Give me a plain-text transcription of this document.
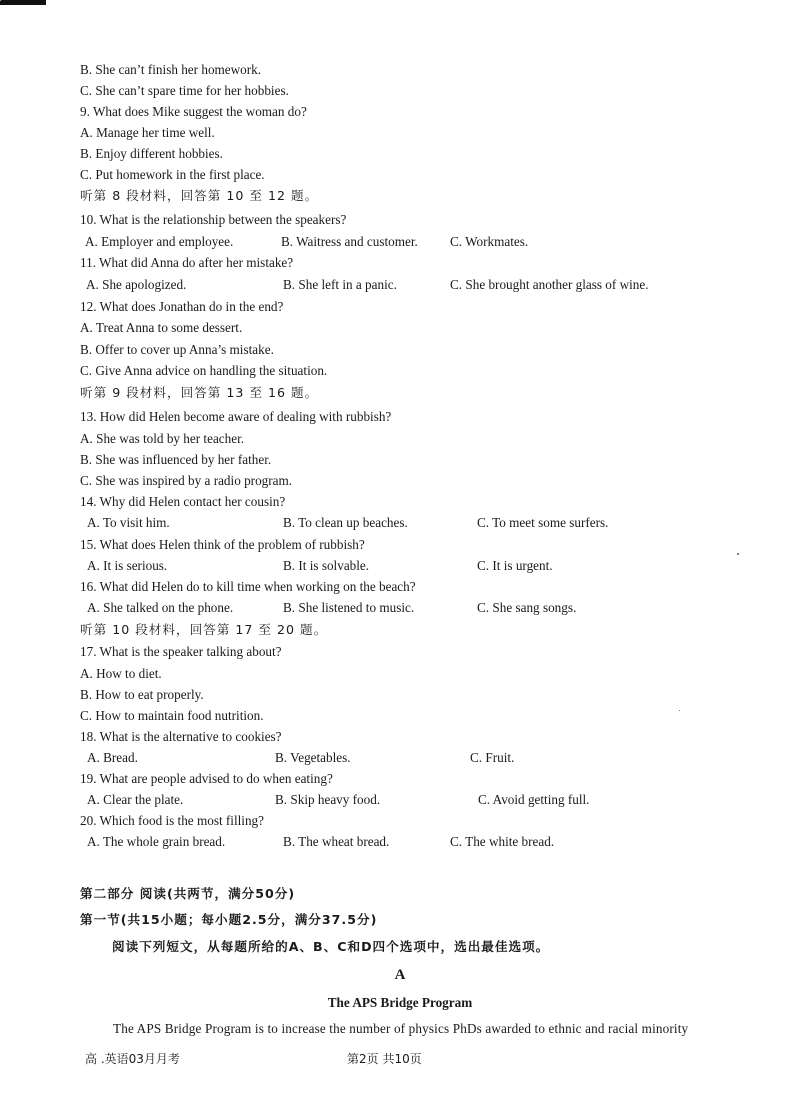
B. She can’t finish her homework.
C. She can’t spare time for her hobbies.
9. What does Mike suggest the woman do?
A. Manage her time well.
B. Enjoy different hobbies.
C. Put homework in the first place.
听第 8 段材料，回答第 10 至 12 题。
10. What is the relationship between the speakers?
A. Employer and employee.	B. Waitress and customer. C. Workmates.
11. What did Anna do after her mistake?
A. She apologized.	B. She left in a panic.	C. She brought another glass of wine.
12. What does Jonathan do in the end?
A. Treat Anna to some dessert.
B. Offer to cover up Anna’s mistake.
C. Give Anna advice on handling the situation.
听第 9 段材料，回答第 13 至 16 题。
13. How did Helen become aware of dealing with rubbish?
A. She was told by her teacher.
B. She was influenced by her father.
C. She was inspired by a radio program.
14. Why did Helen contact her cousin?
A. To visit him.	B. To clean up beaches.	C. To meet some surfers.
15. What does Helen think of the problem of rubbish?
A. It is serious.	B. It is solvable.	C. It is urgent.
16. What did Helen do to kill time when working on the beach?
A. She talked on the phone.	B. She listened to music.	C. She sang songs.
听第 10 段材料，回答第 17 至 20 题。
17. What is the speaker talking about?
A. How to diet.
B. How to eat properly.
C. How to maintain food nutrition.
18. What is the alternative to cookies?
A. Bread.	B. Vegetables.	C. Fruit.
19. What are people advised to do when eating?
A. Clear the plate.	B. Skip heavy food.	C. Avoid getting full.
20. Which food is the most filling?
A. The whole grain bread.	B. The wheat bread.	C. The white bread.
第二部分 阅读(共两节，满分50分)
第一节(共15小题；每小题2.5分，满分37.5分)
阅读下列短文，从每题所给的A、B、C和D四个选项中，选出最佳选项。
A
The APS Bridge Program
The APS Bridge Program is to increase the number of physics PhDs awarded to ethnic and racial minority
高 .英语03月月考	第2页 共10页
